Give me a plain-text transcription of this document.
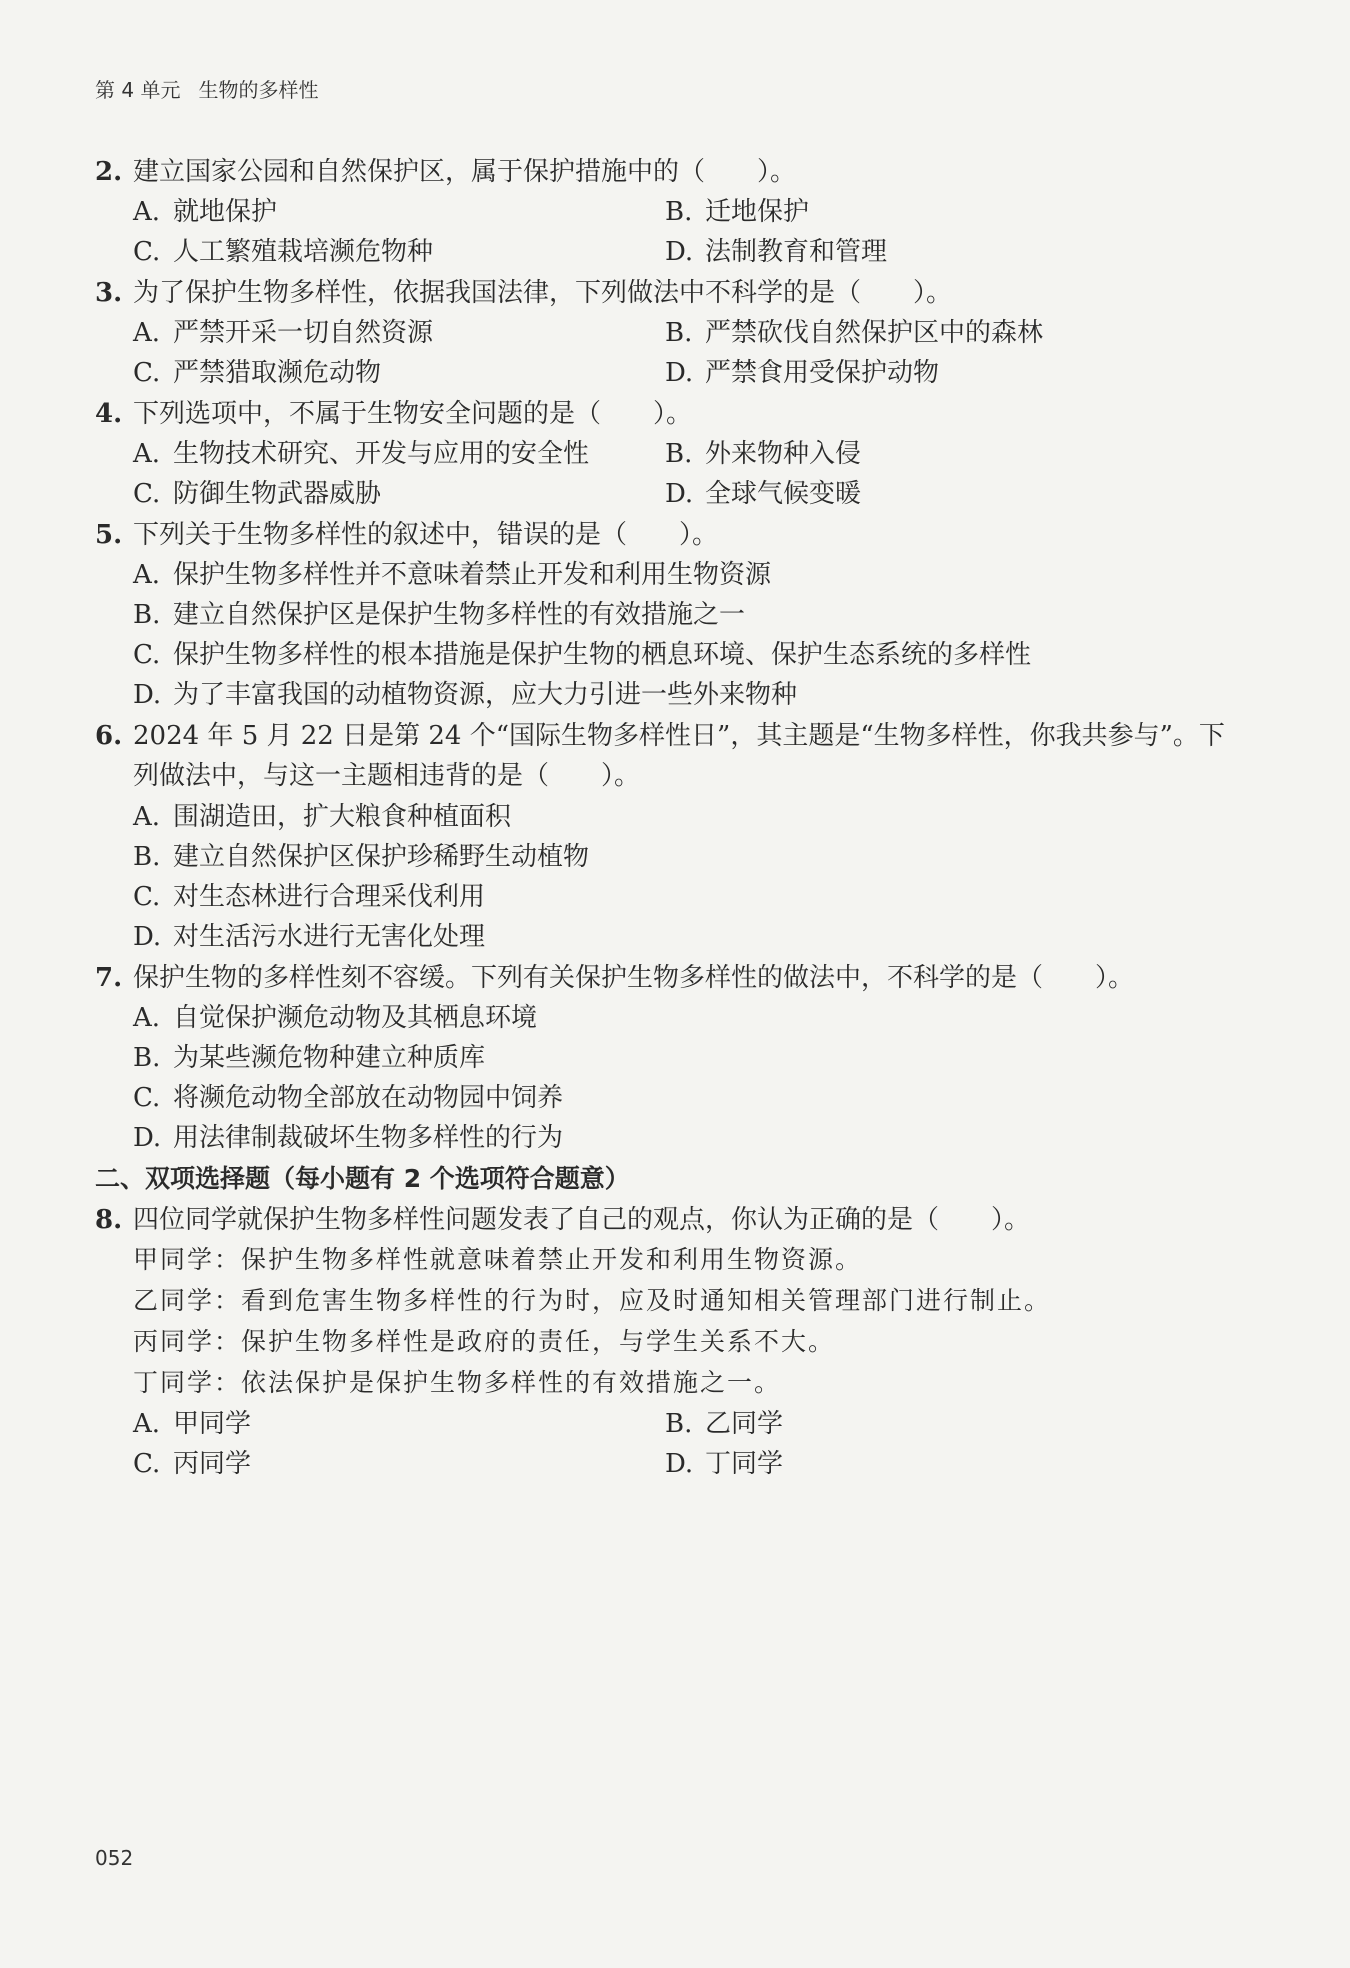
第 4 单元 生物的多样性
2. 建立国家公园和自然保护区，属于保护措施中的（　　）。
A. 就地保护	B. 迁地保护
C. 人工繁殖栽培濒危物种	D. 法制教育和管理
3. 为了保护生物多样性，依据我国法律，下列做法中不科学的是（　　）。
A. 严禁开采一切自然资源	B. 严禁砍伐自然保护区中的森林
C. 严禁猎取濒危动物	D. 严禁食用受保护动物
4. 下列选项中，不属于生物安全问题的是（　　）。
A. 生物技术研究、开发与应用的安全性	B. 外来物种入侵
C. 防御生物武器威胁	D. 全球气候变暖
5. 下列关于生物多样性的叙述中，错误的是（　　）。
A. 保护生物多样性并不意味着禁止开发和利用生物资源
B. 建立自然保护区是保护生物多样性的有效措施之一
C. 保护生物多样性的根本措施是保护生物的栖息环境、保护生态系统的多样性
D. 为了丰富我国的动植物资源，应大力引进一些外来物种
6. 2024 年 5 月 22 日是第 24 个“国际生物多样性日”，其主题是“生物多样性，你我共参与”。下
列做法中，与这一主题相违背的是（　　）。
A. 围湖造田，扩大粮食种植面积
B. 建立自然保护区保护珍稀野生动植物
C. 对生态林进行合理采伐利用
D. 对生活污水进行无害化处理
7. 保护生物的多样性刻不容缓。下列有关保护生物多样性的做法中，不科学的是（　　）。
A. 自觉保护濒危动物及其栖息环境
B. 为某些濒危物种建立种质库
C. 将濒危动物全部放在动物园中饲养
D. 用法律制裁破坏生物多样性的行为
二、双项选择题（每小题有 2 个选项符合题意）
8. 四位同学就保护生物多样性问题发表了自己的观点，你认为正确的是（　　）。
甲同学：保护生物多样性就意味着禁止开发和利用生物资源。
乙同学：看到危害生物多样性的行为时，应及时通知相关管理部门进行制止。
丙同学：保护生物多样性是政府的责任，与学生关系不大。
丁同学：依法保护是保护生物多样性的有效措施之一。
A. 甲同学	B. 乙同学
C. 丙同学	D. 丁同学
052
